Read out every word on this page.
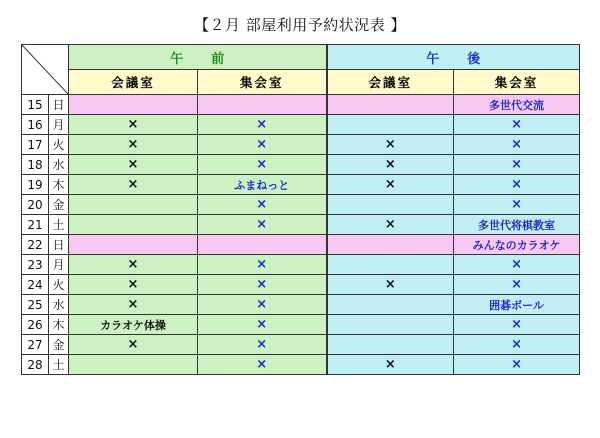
【２月 部屋利用予約状況表 】
	午前		午後	
		会議室	集会室	会議室	集会室
15	日				多世代交流
16	月	×	×		×
17	火	×	×	×	×
18	水	×	×	×	×
19	木	×	ふまねっと	×	×
20	金		×		×
21	土		×	×	多世代将棋教室
22	日				みんなのカラオケ
23	月	×	×		×
24	火	×	×	×	×
25	水	×	×		囲碁ボール
26	木	カラオケ体操	×		×
27	金	×	×		×
28	土		×	×	×
